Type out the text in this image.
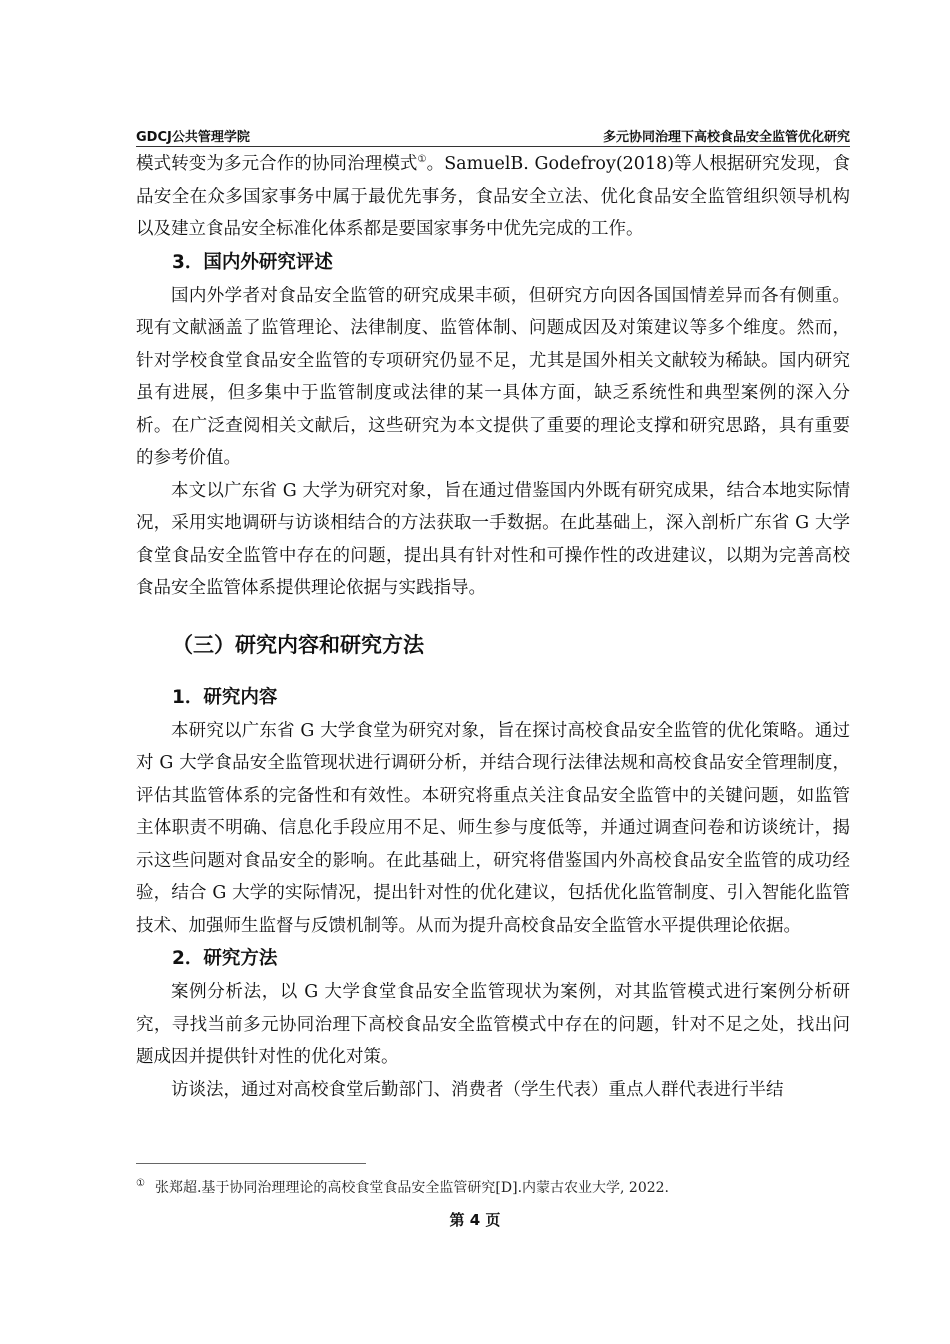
GDCJ公共管理学院	多元协同治理下高校食品安全监管优化研究

模式转变为多元合作的协同治理模式①。SamuelB. Godefroy(2018)等人根据研究发现，食品安全在众多国家事务中属于最优先事务，食品安全立法、优化食品安全监管组织领导机构以及建立食品安全标准化体系都是要国家事务中优先完成的工作。

3．国内外研究评述

国内外学者对食品安全监管的研究成果丰硕，但研究方向因各国国情差异而各有侧重。现有文献涵盖了监管理论、法律制度、监管体制、问题成因及对策建议等多个维度。然而，针对学校食堂食品安全监管的专项研究仍显不足，尤其是国外相关文献较为稀缺。国内研究虽有进展，但多集中于监管制度或法律的某一具体方面，缺乏系统性和典型案例的深入分析。在广泛查阅相关文献后，这些研究为本文提供了重要的理论支撑和研究思路，具有重要的参考价值。

本文以广东省 G 大学为研究对象，旨在通过借鉴国内外既有研究成果，结合本地实际情况，采用实地调研与访谈相结合的方法获取一手数据。在此基础上，深入剖析广东省 G 大学食堂食品安全监管中存在的问题，提出具有针对性和可操作性的改进建议，以期为完善高校食品安全监管体系提供理论依据与实践指导。

（三）研究内容和研究方法
1．研究内容

本研究以广东省 G 大学食堂为研究对象，旨在探讨高校食品安全监管的优化策略。通过对 G 大学食品安全监管现状进行调研分析，并结合现行法律法规和高校食品安全管理制度，评估其监管体系的完备性和有效性。本研究将重点关注食品安全监管中的关键问题，如监管主体职责不明确、信息化手段应用不足、师生参与度低等，并通过调查问卷和访谈统计，揭示这些问题对食品安全的影响。在此基础上，研究将借鉴国内外高校食品安全监管的成功经验，结合 G 大学的实际情况，提出针对性的优化建议，包括优化监管制度、引入智能化监管技术、加强师生监督与反馈机制等。从而为提升高校食品安全监管水平提供理论依据。

2．研究方法

案例分析法，以 G 大学食堂食品安全监管现状为案例，对其监管模式进行案例分析研究，寻找当前多元协同治理下高校食品安全监管模式中存在的问题，针对不足之处，找出问题成因并提供针对性的优化对策。

访谈法，通过对高校食堂后勤部门、消费者（学生代表）重点人群代表进行半结

① 张郑超.基于协同治理理论的高校食堂食品安全监管研究[D].内蒙古农业大学, 2022.
第 4 页
